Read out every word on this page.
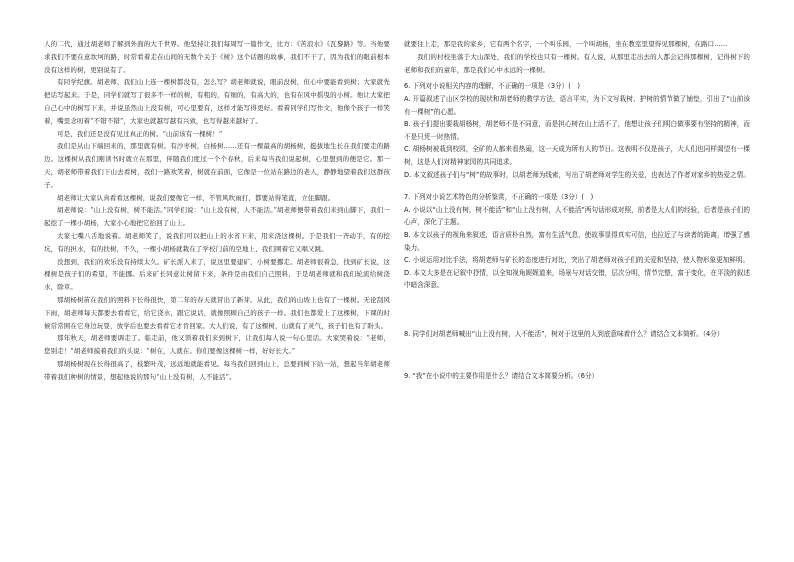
人的二代，通过胡老师了解到外面的大千世界。他坚持让我们每周写一篇作文，比方：《苦浪水》《瓦黎路》等。当他要求我们不要在意坎坷的路，时常看着走在山间的无数个关于《树》这个话题的故事，我们不干了，因为我们的眼前根本没有这样的树，更别说有了。

有同学纪旗。胡老师，我们山上连一棵树都没有，怎么写？胡老师就说，眼前没树，但心中要能看到树；大家就先把话写起来。于是，同学们就写了很多不一样的树，有粗的，有细的，有高大的，也有在风中摇曳的小树。他让大家把自己心中的树写下来，并说虽然山上没有树，可心里要有，这样才能写得更好。看着同学们写作文，他像个孩子一样笑着，嘴里念叨着“不错不错”，大家也就越写越有兴致，也写得越来越好了。

可是，我们还是没有见过真正的树。“山前该有一棵树！”

我们是从山下端回来的，那里就有树。有沙枣树，白杨树……还有一棵最高的胡杨树，挺拔地生长在我们要走的路边。这棵树从我们刚读书时就立在那里，伴随我们度过一个个春秋，后来每当我们说起树，心里想到的便是它。那一天，胡老师带着我们下山去看树，我们一路欢笑着，树就在前面，它像是一位站在路边的老人，静静地望着我们这群孩子。

胡老师让大家认真看看这棵树，说我们要像它一样，不管风吹雨打，都要站得笔直，立住脚跟。

胡老师说：“山上没有树，树不能活。”同学们说：“山上没有树，人不能活。”胡老师便带着我们来到山脚下，我们一起挖了一棵小胡杨，大家小心地把它抬回了山上。

大家七嘴八舌地说着。胡老师笑了，说我们可以把山上的水省下来，用来浇这棵树。于是我们一齐动手，有的挖坑，有的担水，有的扶树，不久，一棵小胡杨就栽在了学校门前的空地上，我们围着它又唱又跳。

没想到，我们的欢乐没有持续太久。矿长派人来了，说这里要建矿，小树要挪走。胡老师很着急，找到矿长说，这棵树是孩子们的希望，不能挪。后来矿长同意让树留下来，条件是由我们自己照料，于是胡老师就和我们轮流给树浇水，除草。

那胡杨树苗在我们的照料下长得很快，第二年的春天就冒出了新芽。从此，我们的山坡上也有了一棵树。无论刮风下雨，胡老师每天都要去看看它，给它浇水，跟它说话，就像照顾自己的孩子一样。我们也都爱上了这棵树，下课的时候常常围在它身边玩耍，放学后也要去看看它才肯回家。大人们说，有了这棵树，山就有了灵气，孩子们也有了盼头。

那年秋天，胡老师要调走了。临走前，他又领着我们来到树下，让我们每人说一句心里话。大家哭着说：“老师，您别走！”胡老师摸着我们的头说：“树在，人就在。你们要像这棵树一样，好好长大。”

那胡杨树现在长得很高了，枝繁叶茂，远远地就能看见。每当我们回到山上，总要到树下站一站，想起当年胡老师带着我们种树的情景，想起他说的那句“山上没有树，人不能活”。

就要往上走，那是我的家乡，它有两个名字，一个叫乐园，一个叫胡杨，坐在教室里望得见那棵树，在路口……

我们的村校坐落于大山深处，我们的学校也只有一棵树。有人说，从那里走出去的人都会记得那棵树，记得树下的老师和我们的童年，那是我们心中永远的一棵树。

6. 下列对小说相关内容的理解，不正确的一项是（3分）(　)

A. 开篇叙述了山区学校的现状和胡老师的教学方法，语言平实，为下文写栽树、护树的情节做了铺垫，引出了“山前该有一棵树”的心愿。

B. 孩子们提出要栽胡杨树，胡老师不是不同意，而是担心树在山上活不了，他想让孩子们明白做事要有坚持的精神，而不是只凭一时热情。

C. 胡杨树被栽到校园，全矿的人都来看热闹，这一天成为所有人的节日。这表明不仅是孩子，大人们也同样渴望有一棵树，这是人们对精神家园的共同追求。

D. 本文叙述孩子们与“树”的故事时，以胡老师为线索，写出了胡老师对学生的关爱，也表达了作者对家乡的热爱之情。

7. 下列对小说艺术特色的分析鉴赏，不正确的一项是（3分）(　)

A. 小说以“山上没有树，树不能活”和“山上没有树，人不能活”两句话形成对照，前者是大人们的经验，后者是孩子们的心声，深化了主题。

B. 本文以孩子的视角来叙述，语言质朴自然，富有生活气息，使故事显得真实可信，也拉近了与读者的距离，增强了感染力。

C. 小说运用对比手法，将胡老师与矿长的态度进行对比，突出了胡老师对孩子们的关爱和坚持，使人物形象更加鲜明。

D. 本文大多是在记叙中抒情，以全知视角娓娓道来，场景与对话交错，层次分明，情节完整，富于变化，在平淡的叙述中暗含深意。

8. 同学们对胡老师喊出“山上没有树，人不能活”，树对于这里的人到底意味着什么？请结合文本简析。（4分）

9. “我”在小说中的主要作用是什么？请结合文本简要分析。（6分）
